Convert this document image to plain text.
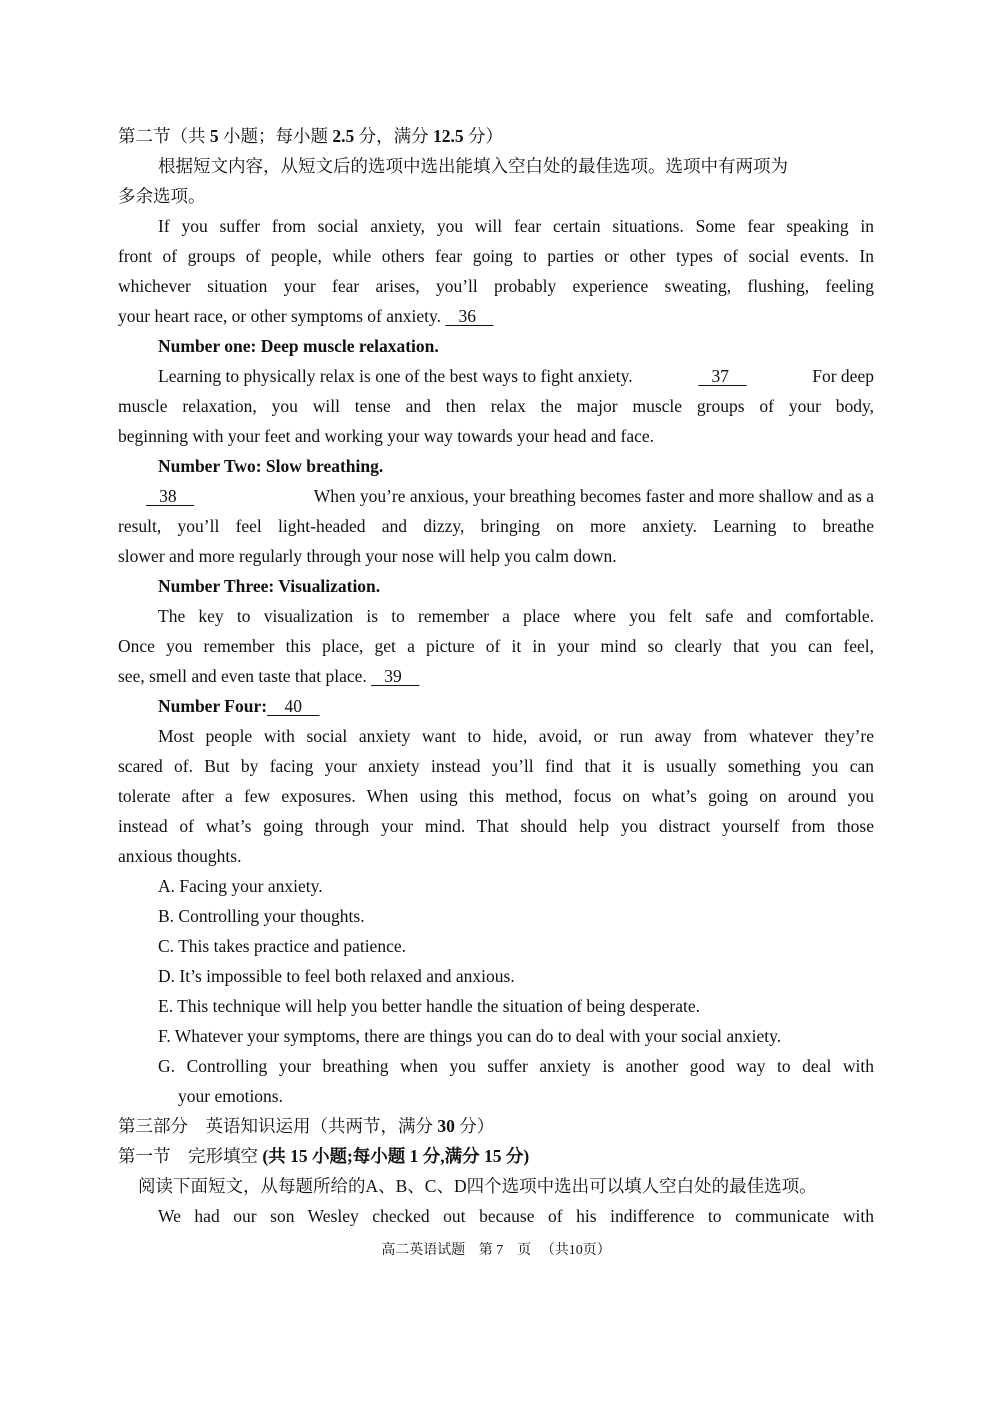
第二节（共 5 小题；每小题 2.5 分，满分 12.5 分）
根据短文内容，从短文后的选项中选出能填入空白处的最佳选项。选项中有两项为
多余选项。
If you suffer from social anxiety, you will fear certain situations. Some fear speaking in
front of groups of people, while others fear going to parties or other types of social events. In
whichever situation your fear arises, you’ll probably experience sweating, flushing, feeling
your heart race, or other symptoms of anxiety.    36
Number one: Deep muscle relaxation.
Learning to physically relax is one of the best ways to fight anxiety.	37	For deep
muscle relaxation, you will tense and then relax the major muscle groups of your body,
beginning with your feet and working your way towards your head and face.
Number Two: Slow breathing.
38	When you’re anxious, your breathing becomes faster and more shallow and as a
result, you’ll feel light-headed and dizzy, bringing on more anxiety. Learning to breathe
slower and more regularly through your nose will help you calm down.
Number Three: Visualization.
The key to visualization is to remember a place where you felt safe and comfortable.
Once you remember this place, get a picture of it in your mind so clearly that you can feel,
see, smell and even taste that place.    39
Number Four:    40
Most people with social anxiety want to hide, avoid, or run away from whatever they’re
scared of. But by facing your anxiety instead you’ll find that it is usually something you can
tolerate after a few exposures. When using this method, focus on what’s going on around you
instead of what’s going through your mind. That should help you distract yourself from those
anxious thoughts.
A. Facing your anxiety.
B. Controlling your thoughts.
C. This takes practice and patience.
D. It’s impossible to feel both relaxed and anxious.
E. This technique will help you better handle the situation of being desperate.
F. Whatever your symptoms, there are things you can do to deal with your social anxiety.
G. Controlling your breathing when you suffer anxiety is another good way to deal with
your emotions.
第三部分　英语知识运用（共两节，满分 30 分）
第一节　完形填空 (共 15 小题;每小题 1 分,满分 15 分)
阅读下面短文，从每题所给的A、B、C、D四个选项中选出可以填人空白处的最佳选项。
We had our son Wesley checked out because of his indifference to communicate with
高二英语试题 第 7　页 （共10页）
